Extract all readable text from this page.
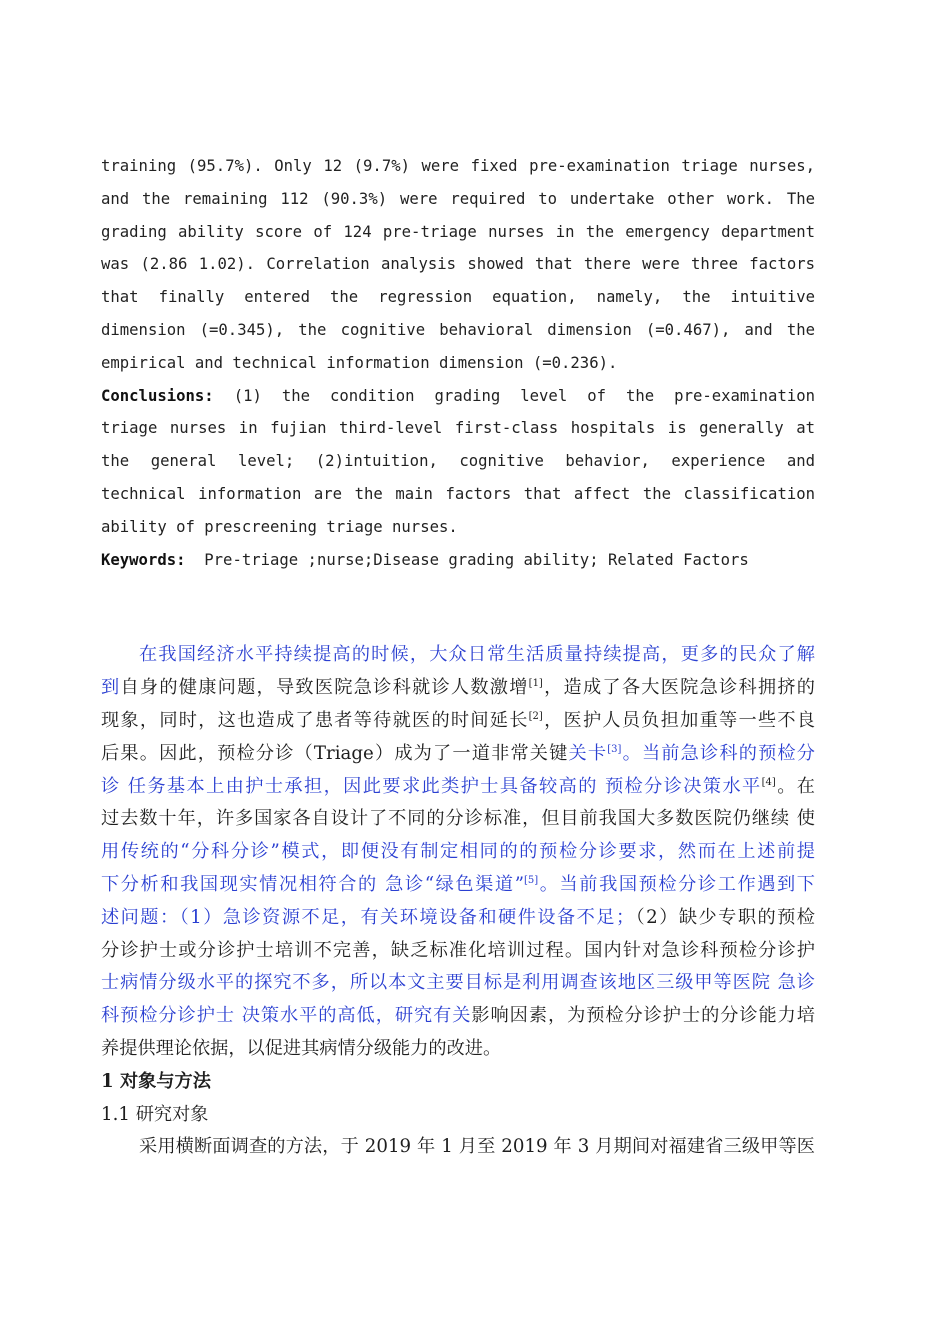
training (95.7%). Only 12 (9.7%) were fixed pre-examination triage nurses,
and the remaining 112 (90.3%) were required to undertake other work. The
grading ability score of 124 pre-triage nurses in the emergency department
was (2.86 1.02). Correlation analysis showed that there were three factors
that finally entered the regression equation, namely, the intuitive
dimension (=0.345), the cognitive behavioral dimension (=0.467), and the
empirical and technical information dimension (=0.236).
Conclusions: (1) the condition grading level of the pre-examination
triage nurses in fujian third-level first-class hospitals is generally at
the general level; (2)intuition, cognitive behavior, experience and
technical information are the main factors that affect the classification
ability of prescreening triage nurses.
Keywords: Pre-triage ;nurse;Disease grading ability; Related Factors
在我国经济水平持续提高的时候，大众日常生活质量持续提高，更多的民众了解
到自身的健康问题，导致医院急诊科就诊人数激增[1]，造成了各大医院急诊科拥挤的
现象，同时，这也造成了患者等待就医的时间延长[2]，医护人员负担加重等一些不良
后果。因此，预检分诊（Triage）成为了一道非常关键关卡[3]。当前急诊科的预检分
诊 任务基本上由护士承担，因此要求此类护士具备较高的 预检分诊决策水平[4]。在
过去数十年，许多国家各自设计了不同的分诊标准，但目前我国大多数医院仍继续 使
用传统的“分科分诊”模式，即便没有制定相同的的预检分诊要求，然而在上述前提
下分析和我国现实情况相符合的 急诊“绿色渠道”[5]。当前我国预检分诊工作遇到下
述问题：（1）急诊资源不足，有关环境设备和硬件设备不足；（2）缺少专职的预检
分诊护士或分诊护士培训不完善，缺乏标准化培训过程。国内针对急诊科预检分诊护
士病情分级水平的探究不多，所以本文主要目标是利用调查该地区三级甲等医院 急诊
科预检分诊护士 决策水平的高低，研究有关影响因素，为预检分诊护士的分诊能力培
养提供理论依据，以促进其病情分级能力的改进。
1 对象与方法
1.1 研究对象
采用横断面调查的方法，于 2019 年 1 月至 2019 年 3 月期间对福建省三级甲等医
